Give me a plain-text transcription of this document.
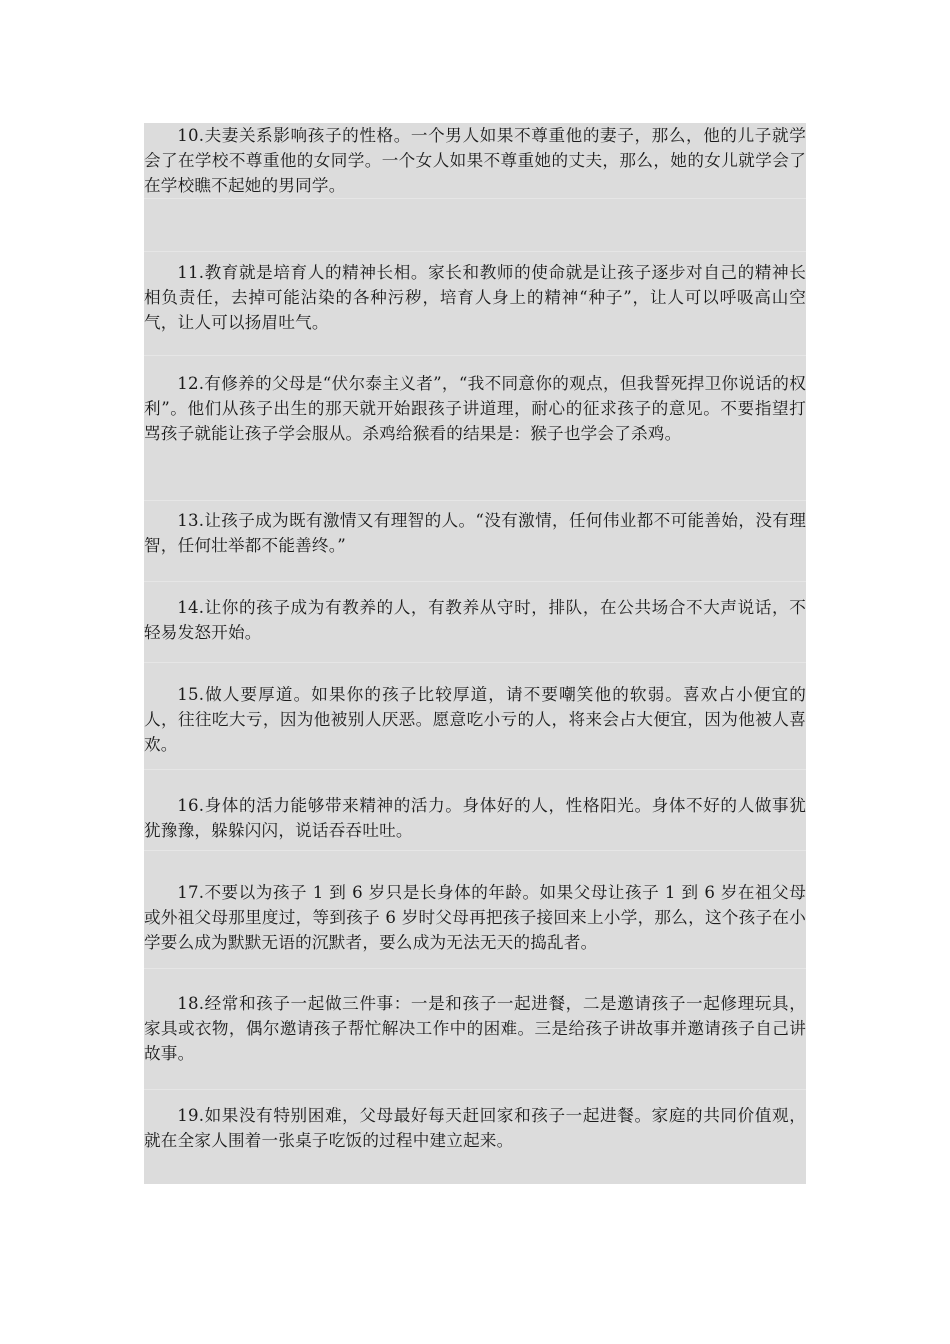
10.夫妻关系影响孩子的性格。一个男人如果不尊重他的妻子，那么，他的儿子就学会了在学校不尊重他的女同学。一个女人如果不尊重她的丈夫，那么，她的女儿就学会了在学校瞧不起她的男同学。

11.教育就是培育人的精神长相。家长和教师的使命就是让孩子逐步对自己的精神长相负责任，去掉可能沾染的各种污秽，培育人身上的精神“种子”，让人可以呼吸高山空气，让人可以扬眉吐气。

12.有修养的父母是“伏尔泰主义者”，“我不同意你的观点，但我誓死捍卫你说话的权利”。他们从孩子出生的那天就开始跟孩子讲道理，耐心的征求孩子的意见。不要指望打骂孩子就能让孩子学会服从。杀鸡给猴看的结果是：猴子也学会了杀鸡。

13.让孩子成为既有激情又有理智的人。“没有激情，任何伟业都不可能善始，没有理智，任何壮举都不能善终。”

14.让你的孩子成为有教养的人，有教养从守时，排队，在公共场合不大声说话，不轻易发怒开始。

15.做人要厚道。如果你的孩子比较厚道，请不要嘲笑他的软弱。喜欢占小便宜的人，往往吃大亏，因为他被别人厌恶。愿意吃小亏的人，将来会占大便宜，因为他被人喜欢。

16.身体的活力能够带来精神的活力。身体好的人，性格阳光。身体不好的人做事犹犹豫豫，躲躲闪闪，说话吞吞吐吐。

17.不要以为孩子 1 到 6 岁只是长身体的年龄。如果父母让孩子 1 到 6 岁在祖父母或外祖父母那里度过，等到孩子 6 岁时父母再把孩子接回来上小学，那么，这个孩子在小学要么成为默默无语的沉默者，要么成为无法无天的捣乱者。

18.经常和孩子一起做三件事：一是和孩子一起进餐，二是邀请孩子一起修理玩具，家具或衣物，偶尔邀请孩子帮忙解决工作中的困难。三是给孩子讲故事并邀请孩子自己讲故事。

19.如果没有特别困难，父母最好每天赶回家和孩子一起进餐。家庭的共同价值观，就在全家人围着一张桌子吃饭的过程中建立起来。
